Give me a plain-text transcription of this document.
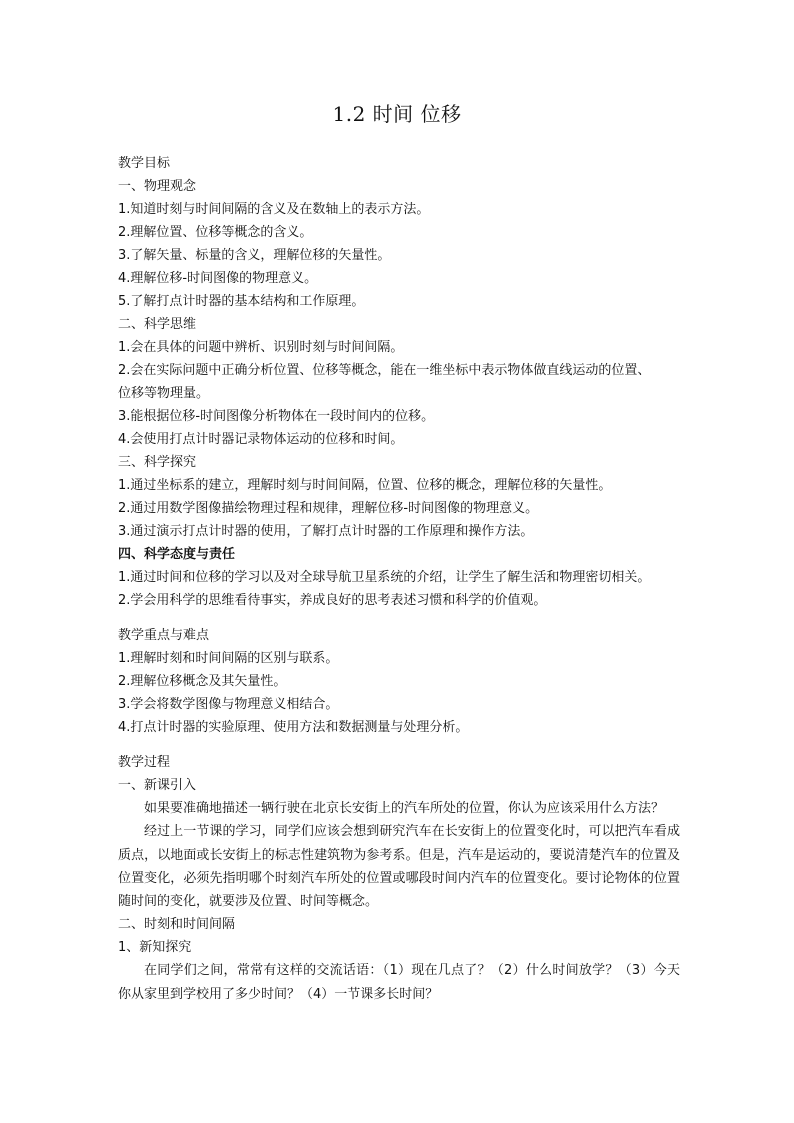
1.2 时间 位移
教学目标
一、物理观念
1.知道时刻与时间间隔的含义及在数轴上的表示方法。
2.理解位置、位移等概念的含义。
3.了解矢量、标量的含义，理解位移的矢量性。
4.理解位移-时间图像的物理意义。
5.了解打点计时器的基本结构和工作原理。
二、科学思维
1.会在具体的问题中辨析、识别时刻与时间间隔。
2.会在实际问题中正确分析位置、位移等概念，能在一维坐标中表示物体做直线运动的位置、
位移等物理量。
3.能根据位移-时间图像分析物体在一段时间内的位移。
4.会使用打点计时器记录物体运动的位移和时间。
三、科学探究
1.通过坐标系的建立，理解时刻与时间间隔，位置、位移的概念，理解位移的矢量性。
2.通过用数学图像描绘物理过程和规律，理解位移-时间图像的物理意义。
3.通过演示打点计时器的使用，了解打点计时器的工作原理和操作方法。
四、科学态度与责任
1.通过时间和位移的学习以及对全球导航卫星系统的介绍，让学生了解生活和物理密切相关。
2.学会用科学的思维看待事实，养成良好的思考表述习惯和科学的价值观。
教学重点与难点
1.理解时刻和时间间隔的区别与联系。
2.理解位移概念及其矢量性。
3.学会将数学图像与物理意义相结合。
4.打点计时器的实验原理、使用方法和数据测量与处理分析。
教学过程
一、新课引入
如果要准确地描述一辆行驶在北京长安街上的汽车所处的位置，你认为应该采用什么方法？
经过上一节课的学习，同学们应该会想到研究汽车在长安街上的位置变化时，可以把汽车看成质点，以地面或长安街上的标志性建筑物为参考系。但是，汽车是运动的，要说清楚汽车的位置及位置变化，必须先指明哪个时刻汽车所处的位置或哪段时间内汽车的位置变化。要讨论物体的位置随时间的变化，就要涉及位置、时间等概念。
二、时刻和时间间隔
1、新知探究
在同学们之间，常常有这样的交流话语：（1）现在几点了？（2）什么时间放学？（3）今天你从家里到学校用了多少时间？（4）一节课多长时间？
